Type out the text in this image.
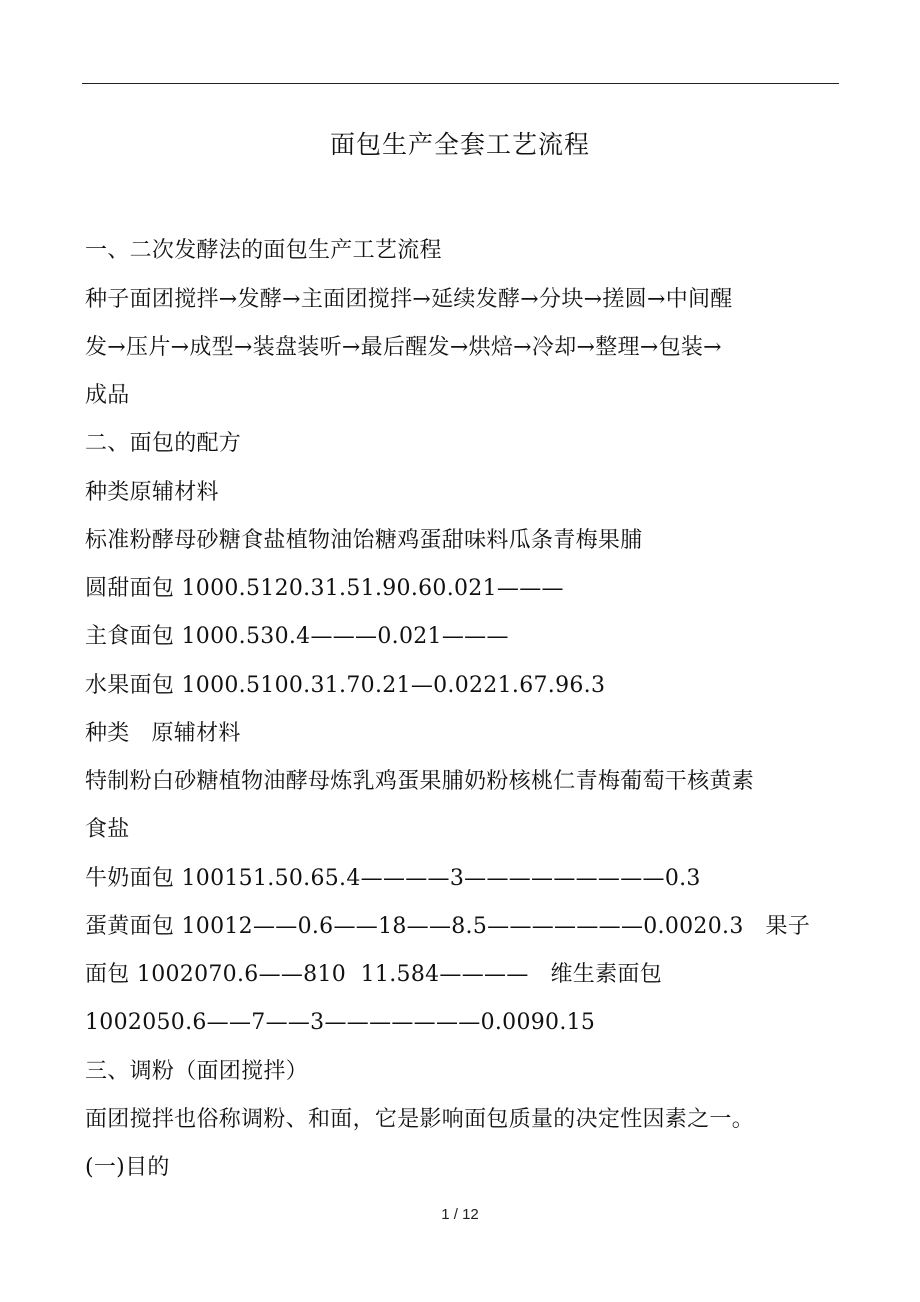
面包生产全套工艺流程
一、二次发酵法的面包生产工艺流程
种子面团搅拌→发酵→主面团搅拌→延续发酵→分块→搓圆→中间醒
发→压片→成型→装盘装听→最后醒发→烘焙→冷却→整理→包装→
成品
二、面包的配方
种类原辅材料
标准粉酵母砂糖食盐植物油饴糖鸡蛋甜味料瓜条青梅果脯
圆甜面包 1000.5120.31.51.90.60.021———
主食面包 1000.530.4———0.021———
水果面包 1000.5100.31.70.21—0.0221.67.96.3
种类   原辅材料
特制粉白砂糖植物油酵母炼乳鸡蛋果脯奶粉核桃仁青梅葡萄干核黄素
食盐
牛奶面包 100151.50.65.4————3—————————0.3
蛋黄面包 10012——0.6——18——8.5———————0.0020.3   果子
面包 1002070.6——810  11.584————   维生素面包
1002050.6——7——3———————0.0090.15
三、调粉（面团搅拌）
面团搅拌也俗称调粉、和面，它是影响面包质量的决定性因素之一。
(一)目的
1 / 12
